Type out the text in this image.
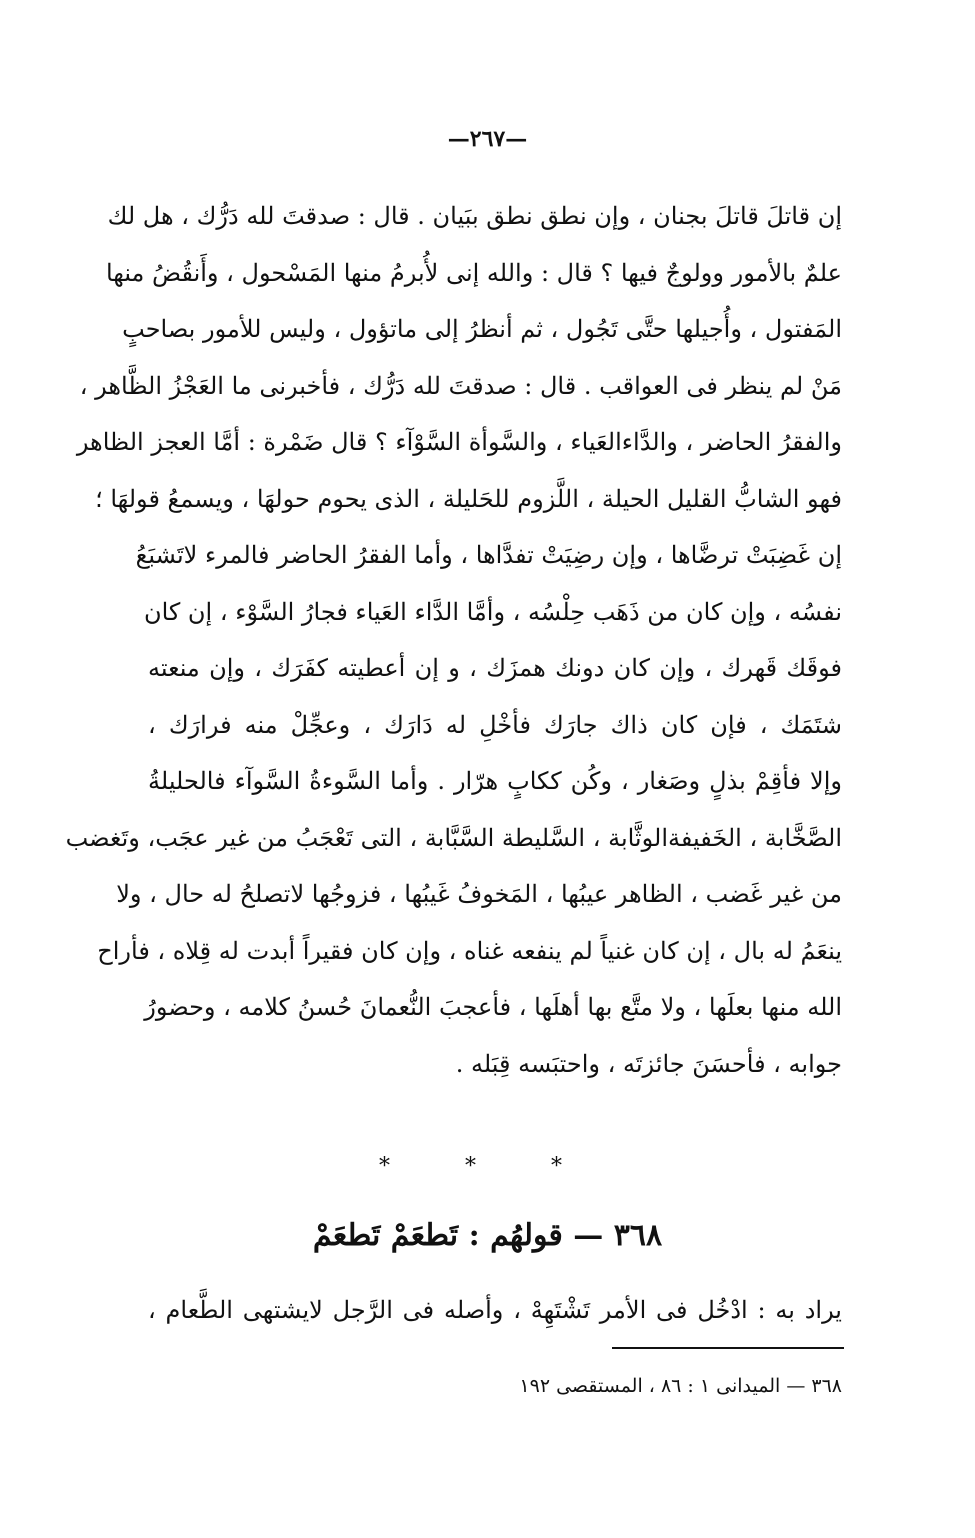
—٢٦٧—
إن قاتلَ قاتلَ بجنان ، وإن نطق نطق ببَيان . قال : صدقتَ لله دَرُّك ، هل لك
علمٌ بالأمور وولوجٌ فيها ؟ قال : والله إنى لأُبرمُ منها المَسْحول ، وأَنقُضُ منها
المَفتول ، وأُجيلها حتَّى تَجُول ، ثم أنظرُ إلى ماتؤول ، وليس للأمور بصاحبٍ
مَنْ لم ينظر فى العواقب . قال : صدقتَ لله دَرُّك ، فأخبرنى ما العَجْزُ الظَّاهر ،
والفقرُ الحاضر ، والدَّاءالعَياء ، والسَّوأة السَّوْآء ؟ قال ضَمْرة : أمَّا العجز الظاهر
فهو الشابُّ القليل الحيلة ، اللَّزوم للحَليلة ، الذى يحوم حولهَا ، ويسمعُ قولهَا ؛
إن غَضِبَتْ ترضَّاها ، وإن رضِيَتْ تفدَّاها ، وأما الفقرُ الحاضر فالمرء لاتَشبَعُ
نفسُه ، وإن كان من ذَهَب حِلْسُه ، وأمَّا الدَّاء العَياء فجارُ السَّوْء ، إن كان
فوقَك قَهرك ، وإن كان دونك همزَك ، و إن أعطيته كفَرَك ، وإن منعته
شتَمَك ، فإن كان ذاك جارَك فأخْلِ له دَارَك ، وعجِّلْ منه فرارَك ،
وإلا فأقِمْ بذلٍ وصَغار ، وكُن ككابٍ هرّار . وأما السَّوءةُ السَّوآء فالحليلةُ
الصَّخَّابة ، الخَفيفةالوثَّابة ، السَّليطة السَّبَّابة ، التى تَعْجَبُ من غير عجَب، وتَغضب
من غير غَضب ، الظاهر عيبُها ، المَخوفُ غَيبُها ، فزوجُها لاتصلحُ له حال ، ولا
ينعَمُ له بال ، إن كان غنياً لم ينفعه غناه ، وإن كان فقيراً أبدت له قِلاه ، فأراح
الله منها بعلَها ، ولا متَّع بها أهلَها ، فأعجبَ النُّعمانَ حُسنُ كلامه ، وحضورُ
جوابه ، فأحسَنَ جائزتَه ، واحتبَسه قِبَله .
* * *
٣٦٨ — قولهُم : تَطعَمْ تَطعَمْ
يراد به : ادْخُل فى الأمر تَشْتَهِهْ ، وأصله فى الرَّجل لايشتهى الطَّعام ،
٣٦٨ — الميدانى ١ : ٨٦ ، المستقصى ١٩٢
